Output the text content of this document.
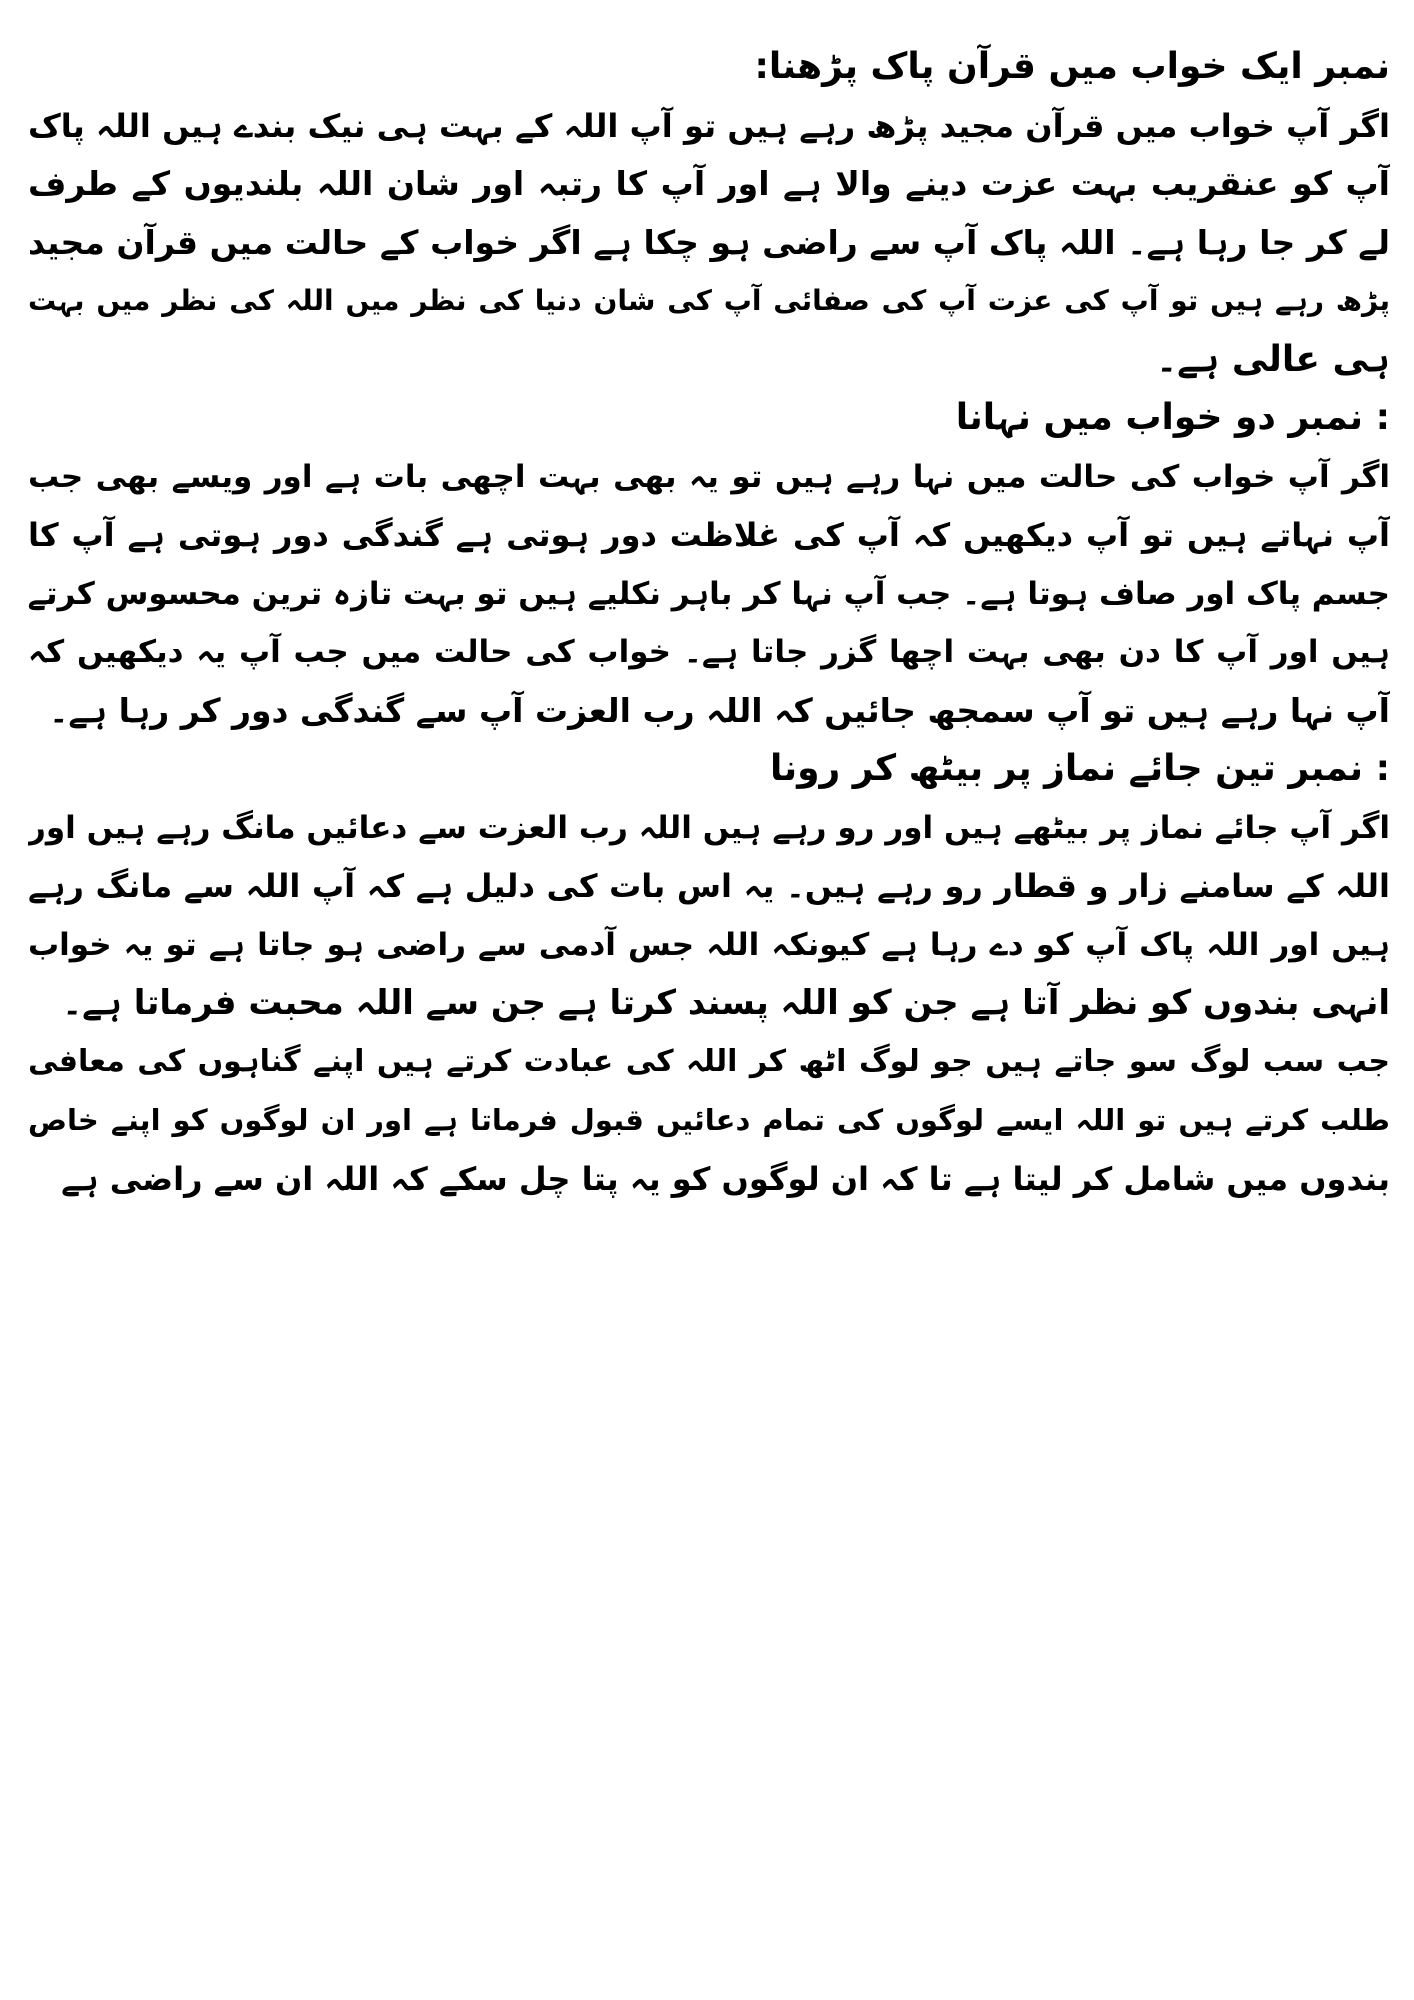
نمبر ایک خواب میں قرآن پاک پڑھنا:
اگر آپ خواب میں قرآن مجید پڑھ رہے ہیں تو آپ اللہ کے بہت ہی نیک بندے ہیں اللہ پاک
آپ کو عنقریب بہت عزت دینے والا ہے اور آپ کا رتبہ اور شان اللہ بلندیوں کے طرف
لے کر جا رہا ہے۔ اللہ پاک آپ سے راضی ہو چکا ہے اگر خواب کے حالت میں قرآن مجید
پڑھ رہے ہیں تو آپ کی عزت آپ کی صفائی آپ کی شان دنیا کی نظر میں اللہ کی نظر میں بہت
ہی عالی ہے۔
: نمبر دو خواب میں نہانا
اگر آپ خواب کی حالت میں نہا رہے ہیں تو یہ بھی بہت اچھی بات ہے اور ویسے بھی جب
آپ نہاتے ہیں تو آپ دیکھیں کہ آپ کی غلاظت دور ہوتی ہے گندگی دور ہوتی ہے آپ کا
جسم پاک اور صاف ہوتا ہے۔ جب آپ نہا کر باہر نکلیے ہیں تو بہت تازہ ترین محسوس کرتے
ہیں اور آپ کا دن بھی بہت اچھا گزر جاتا ہے۔ خواب کی حالت میں جب آپ یہ دیکھیں کہ
آپ نہا رہے ہیں تو آپ سمجھ جائیں کہ اللہ رب العزت آپ سے گندگی دور کر رہا ہے۔
: نمبر تین جائے نماز پر بیٹھ کر رونا
اگر آپ جائے نماز پر بیٹھے ہیں اور رو رہے ہیں اللہ رب العزت سے دعائیں مانگ رہے ہیں اور
اللہ کے سامنے زار و قطار رو رہے ہیں۔ یہ اس بات کی دلیل ہے کہ آپ اللہ سے مانگ رہے
ہیں اور اللہ پاک آپ کو دے رہا ہے کیونکہ اللہ جس آدمی سے راضی ہو جاتا ہے تو یہ خواب
انہی بندوں کو نظر آتا ہے جن کو اللہ پسند کرتا ہے جن سے اللہ محبت فرماتا ہے۔
جب سب لوگ سو جاتے ہیں جو لوگ اٹھ کر اللہ کی عبادت کرتے ہیں اپنے گناہوں کی معافی
طلب کرتے ہیں تو اللہ ایسے لوگوں کی تمام دعائیں قبول فرماتا ہے اور ان لوگوں کو اپنے خاص
بندوں میں شامل کر لیتا ہے تا کہ ان لوگوں کو یہ پتا چل سکے کہ اللہ ان سے راضی ہے
